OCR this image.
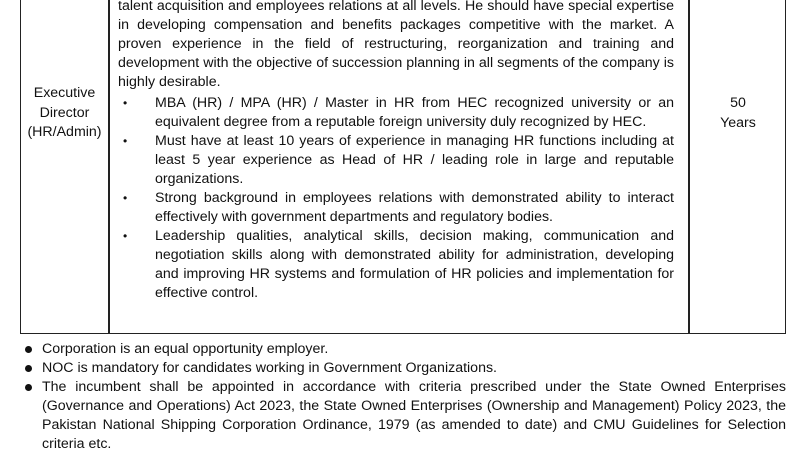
Executive
Director
(HR/Admin)

talent acquisition and employees relations at all levels. He should have special expertise in developing compensation and benefits packages competitive with the market. A proven experience in the field of restructuring, reorganization and training and development with the objective of succession planning in all segments of the company is highly desirable.

• MBA (HR) / MPA (HR) / Master in HR from HEC recognized university or an equivalent degree from a reputable foreign university duly recognized by HEC.
• Must have at least 10 years of experience in managing HR functions including at least 5 year experience as Head of HR / leading role in large and reputable organizations.
• Strong background in employees relations with demonstrated ability to interact effectively with government departments and regulatory bodies.
• Leadership qualities, analytical skills, decision making, communication and negotiation skills along with demonstrated ability for administration, developing and improving HR systems and formulation of HR policies and implementation for effective control.
50
Years
Corporation is an equal opportunity employer.
NOC is mandatory for candidates working in Government Organizations.
The incumbent shall be appointed in accordance with criteria prescribed under the State Owned Enterprises (Governance and Operations) Act 2023, the State Owned Enterprises (Ownership and Management) Policy 2023, the Pakistan National Shipping Corporation Ordinance, 1979 (as amended to date) and CMU Guidelines for Selection criteria etc.
